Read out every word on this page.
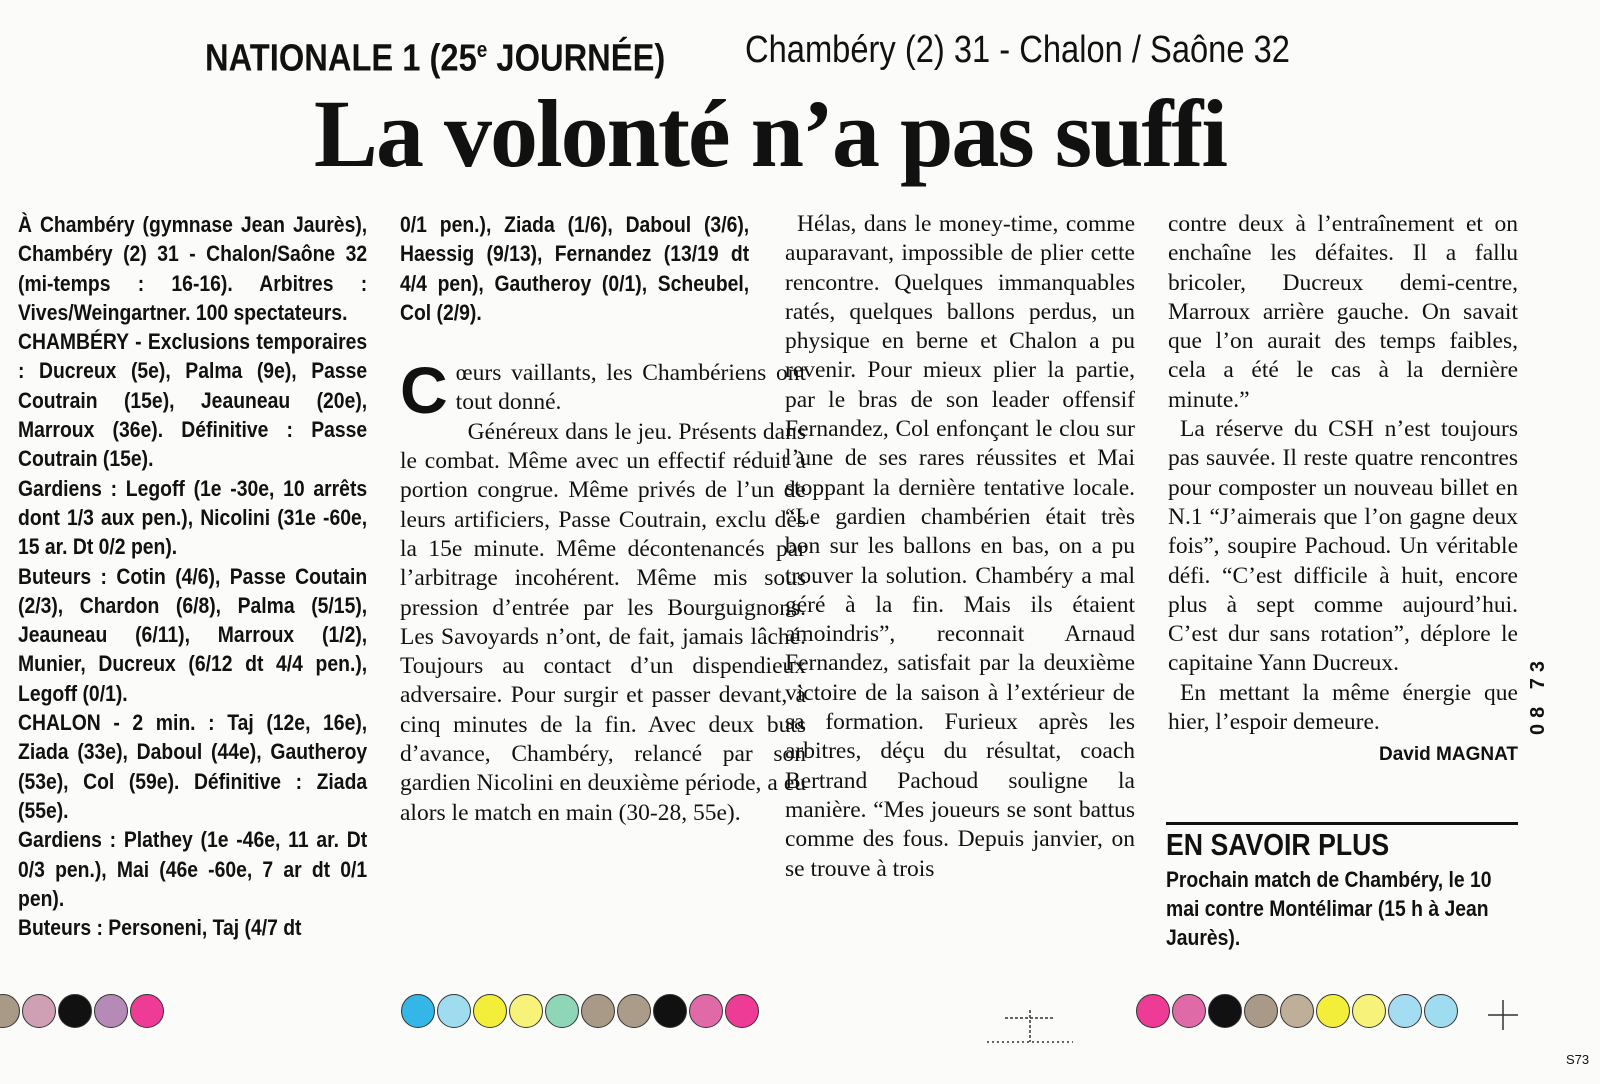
NATIONALE 1 (25e JOURNÉE) Chambéry (2) 31 - Chalon / Saône 32
La volonté n’a pas suffi

À Chambéry (gymnase Jean Jaurès), Chambéry (2) 31 - Chalon/Saône 32 (mi-temps : 16-16). Arbitres : Vives/Weingartner. 100 spectateurs.

CHAMBÉRY - Exclusions temporaires : Ducreux (5e), Palma (9e), Passe Coutrain (15e), Jeauneau (20e), Marroux (36e). Définitive : Passe Coutrain (15e).

Gardiens : Legoff (1e -30e, 10 arrêts dont 1/3 aux pen.), Nicolini (31e -60e, 15 ar. Dt 0/2 pen).

Buteurs : Cotin (4/6), Passe Coutain (2/3), Chardon (6/8), Palma (5/15), Jeauneau (6/11), Marroux (1/2), Munier, Ducreux (6/12 dt 4/4 pen.), Legoff (0/1).

CHALON - 2 min. : Taj (12e, 16e), Ziada (33e), Daboul (44e), Gautheroy (53e), Col (59e). Définitive : Ziada (55e).

Gardiens : Plathey (1e -46e, 11 ar. Dt 0/3 pen.), Mai (46e -60e, 7 ar dt 0/1 pen).

Buteurs : Personeni, Taj (4/7 dt

0/1 pen.), Ziada (1/6), Daboul (3/6), Haessig (9/13), Fernandez (13/19 dt 4/4 pen), Gautheroy (0/1), Scheubel, Col (2/9).

Cœurs vaillants, les Chambériens ont tout donné.

Généreux dans le jeu. Présents dans le combat. Même avec un effectif réduit à portion congrue. Même privés de l’un de leurs artificiers, Passe Coutrain, exclu dès la 15e minute. Même décontenancés par l’arbitrage incohérent. Même mis sous pression d’entrée par les Bourguignons. Les Savoyards n’ont, de fait, jamais lâché. Toujours au contact d’un dispendieux adversaire. Pour surgir et passer devant, à cinq minutes de la fin. Avec deux buts d’avance, Chambéry, relancé par son gardien Nicolini en deuxième période, a eu alors le match en main (30-28, 55e).

Hélas, dans le money-time, comme auparavant, impossible de plier cette rencontre. Quelques immanquables ratés, quelques ballons perdus, un physique en berne et Chalon a pu revenir. Pour mieux plier la partie, par le bras de son leader offensif Fernandez, Col enfonçant le clou sur l’une de ses rares réussites et Mai stoppant la dernière tentative locale. “Le gardien chambérien était très bon sur les ballons en bas, on a pu trouver la solution. Chambéry a mal géré à la fin. Mais ils étaient amoindris”, reconnait Arnaud Fernandez, satisfait par la deuxième victoire de la saison à l’extérieur de sa formation. Furieux après les arbitres, déçu du résultat, coach Bertrand Pachoud souligne la manière. “Mes joueurs se sont battus comme des fous. Depuis janvier, on se trouve à trois

contre deux à l’entraînement et on enchaîne les défaites. Il a fallu bricoler, Ducreux demi-centre, Marroux arrière gauche. On savait que l’on aurait des temps faibles, cela a été le cas à la dernière minute.”

La réserve du CSH n’est toujours pas sauvée. Il reste quatre rencontres pour composter un nouveau billet en N.1 “J’aimerais que l’on gagne deux fois”, soupire Pachoud. Un véritable défi. “C’est difficile à huit, encore plus à sept comme aujourd’hui. C’est dur sans rotation”, déplore le capitaine Yann Ducreux.

En mettant la même énergie que hier, l’espoir demeure.

David MAGNAT
EN SAVOIR PLUS
Prochain match de Chambéry, le 10 mai contre Montélimar (15 h à Jean Jaurès).
08 73
S73
